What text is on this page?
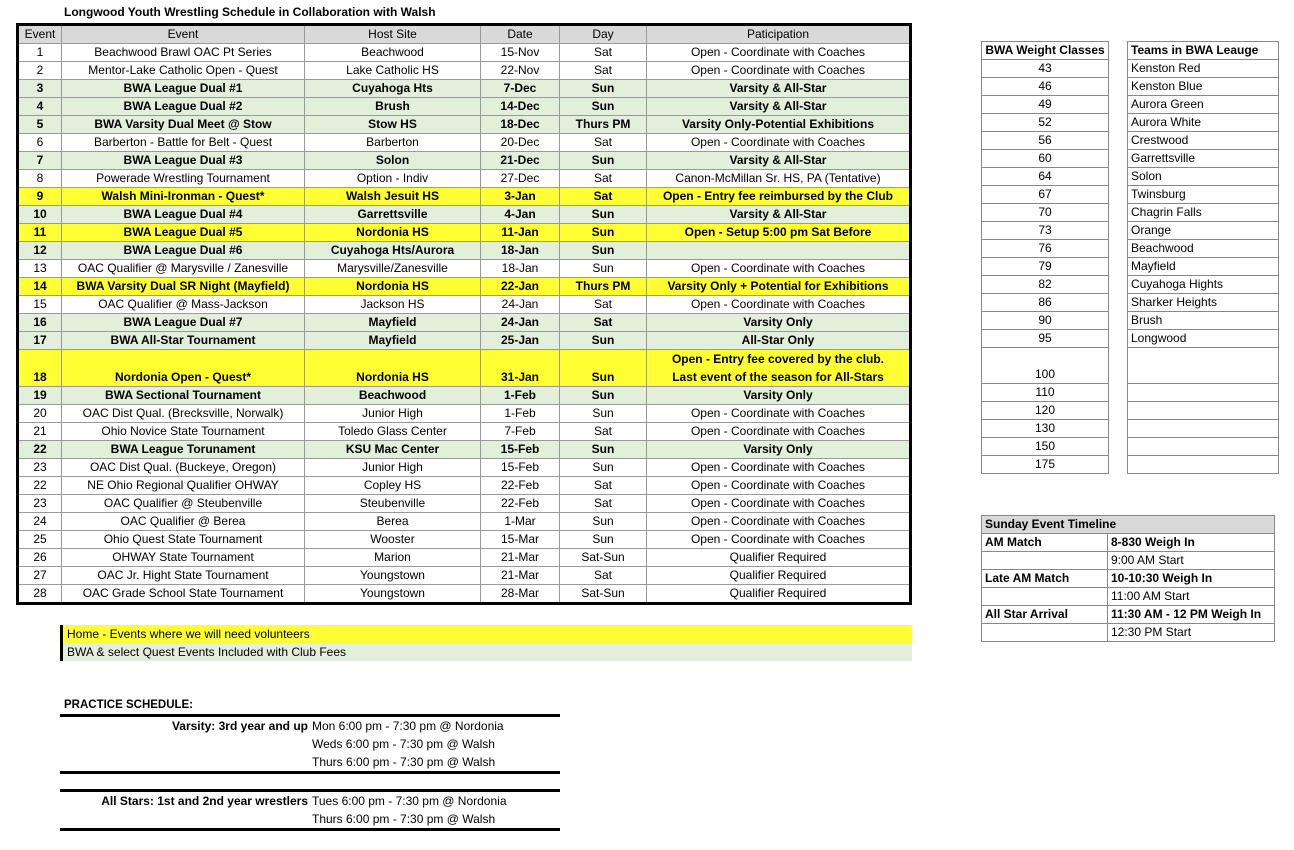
Longwood Youth Wrestling Schedule in Collaboration with Walsh
Event	Event	Host Site	Date	Day	Paticipation
1	Beachwood Brawl OAC Pt Series	Beachwood	15-Nov	Sat	Open - Coordinate with Coaches

2	Mentor-Lake Catholic Open - Quest	Lake Catholic HS	22-Nov	Sat	Open - Coordinate with Coaches

3	BWA League Dual #1	Cuyahoga Hts	7-Dec	Sun	Varsity & All-Star

4	BWA League Dual #2	Brush	14-Dec	Sun	Varsity & All-Star

5	BWA Varsity Dual Meet @ Stow	Stow HS	18-Dec	Thurs PM	Varsity Only-Potential Exhibitions

6	Barberton - Battle for Belt - Quest	Barberton	20-Dec	Sat	Open - Coordinate with Coaches

7	BWA League Dual #3	Solon	21-Dec	Sun	Varsity & All-Star

8	Powerade Wrestling Tournament	Option - Indiv	27-Dec	Sat	Canon-McMillan Sr. HS, PA (Tentative)

9	Walsh Mini-Ironman - Quest*	Walsh Jesuit HS	3-Jan	Sat	Open - Entry fee reimbursed by the Club

10	BWA League Dual #4	Garrettsville	4-Jan	Sun	Varsity & All-Star

11	BWA League Dual #5	Nordonia HS	11-Jan	Sun	Open - Setup 5:00 pm Sat Before

12	BWA League Dual #6	Cuyahoga Hts/Aurora	18-Jan	Sun	

13	OAC Qualifier @ Marysville / Zanesville	Marysville/Zanesville	18-Jan	Sun	Open - Coordinate with Coaches

14	BWA Varsity Dual SR Night (Mayfield)	Nordonia HS	22-Jan	Thurs PM	Varsity Only + Potential for Exhibitions

15	OAC Qualifier @ Mass-Jackson	Jackson HS	24-Jan	Sat	Open - Coordinate with Coaches

16	BWA League Dual #7	Mayfield	24-Jan	Sat	Varsity Only

17	BWA All-Star Tournament	Mayfield	25-Jan	Sun	All-Star Only

18	Nordonia Open - Quest*	Nordonia HS	31-Jan	Sun	Open - Entry fee covered by the club.
Last event of the season for All-Stars

19	BWA Sectional Tournament	Beachwood	1-Feb	Sun	Varsity Only

20	OAC Dist Qual. (Brecksville, Norwalk)	Junior High	1-Feb	Sun	Open - Coordinate with Coaches

21	Ohio Novice State Tournament	Toledo Glass Center	7-Feb	Sat	Open - Coordinate with Coaches

22	BWA League Torunament	KSU Mac Center	15-Feb	Sun	Varsity Only

23	OAC Dist Qual. (Buckeye, Oregon)	Junior High	15-Feb	Sun	Open - Coordinate with Coaches

22	NE Ohio Regional Qualifier OHWAY	Copley HS	22-Feb	Sat	Open - Coordinate with Coaches

23	OAC Qualifier @ Steubenville	Steubenville	22-Feb	Sat	Open - Coordinate with Coaches

24	OAC Qualifier @ Berea	Berea	1-Mar	Sun	Open - Coordinate with Coaches

25	Ohio Quest State Tournament	Wooster	15-Mar	Sun	Open - Coordinate with Coaches

26	OHWAY State Tournament	Marion	21-Mar	Sat-Sun	Qualifier Required

27	OAC Jr. Hight State Tournament	Youngstown	21-Mar	Sat	Qualifier Required

28	OAC Grade School State Tournament	Youngstown	28-Mar	Sat-Sun	Qualifier Required
BWA Weight Classes		Teams in BWA Leauge
43		Kenston Red
46		Kenston Blue
49		Aurora Green
52		Aurora White
56		Crestwood
60		Garrettsville
64		Solon
67		Twinsburg
70		Chagrin Falls
73		Orange
76		Beachwood
79		Mayfield
82		Cuyahoga Hights
86		Sharker Heights
90		Brush
95		Longwood
100		
110		
120		
130		
150		
175		
Sunday Event Timeline	
AM Match	8-830 Weigh In
	9:00 AM Start
Late AM Match	10-10:30 Weigh In
	11:00 AM Start
All Star Arrival	11:30 AM - 12 PM Weigh In
	12:30 PM Start
Home - Events where we will need volunteers
BWA & select Quest Events Included with Club Fees
PRACTICE SCHEDULE:
Varsity: 3rd year and up Mon 6:00 pm - 7:30 pm @ Nordonia
Weds 6:00 pm - 7:30 pm @ Walsh
Thurs 6:00 pm - 7:30 pm @ Walsh
All Stars: 1st and 2nd year wrestlers Tues 6:00 pm - 7:30 pm @ Nordonia
Thurs 6:00 pm - 7:30 pm @ Walsh
